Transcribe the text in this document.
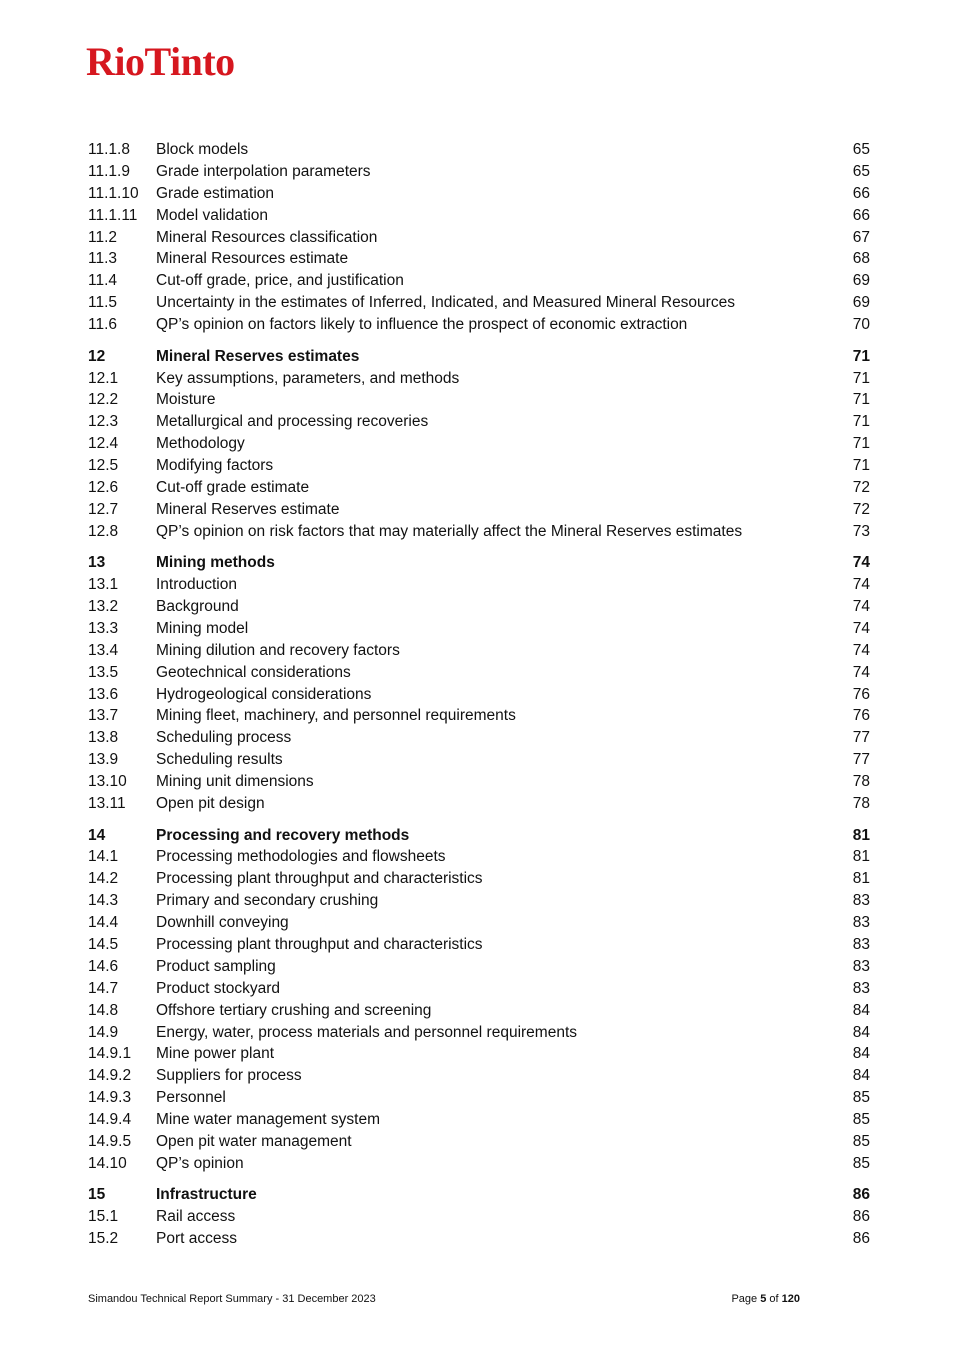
RioTinto
11.1.8	Block models	65
11.1.9	Grade interpolation parameters	65
11.1.10	Grade estimation	66
11.1.11	Model validation	66
11.2	Mineral Resources classification	67
11.3	Mineral Resources estimate	68
11.4	Cut-off grade, price, and justification	69
11.5	Uncertainty in the estimates of Inferred, Indicated, and Measured Mineral Resources	69
11.6	QP’s opinion on factors likely to influence the prospect of economic extraction	70
12	Mineral Reserves estimates	71
12.1	Key assumptions, parameters, and methods	71
12.2	Moisture	71
12.3	Metallurgical and processing recoveries	71
12.4	Methodology	71
12.5	Modifying factors	71
12.6	Cut-off grade estimate	72
12.7	Mineral Reserves estimate	72
12.8	QP’s opinion on risk factors that may materially affect the Mineral Reserves estimates	73
13	Mining methods	74
13.1	Introduction	74
13.2	Background	74
13.3	Mining model	74
13.4	Mining dilution and recovery factors	74
13.5	Geotechnical considerations	74
13.6	Hydrogeological considerations	76
13.7	Mining fleet, machinery, and personnel requirements	76
13.8	Scheduling process	77
13.9	Scheduling results	77
13.10	Mining unit dimensions	78
13.11	Open pit design	78
14	Processing and recovery methods	81
14.1	Processing methodologies and flowsheets	81
14.2	Processing plant throughput and characteristics	81
14.3	Primary and secondary crushing	83
14.4	Downhill conveying	83
14.5	Processing plant throughput and characteristics	83
14.6	Product sampling	83
14.7	Product stockyard	83
14.8	Offshore tertiary crushing and screening	84
14.9	Energy, water, process materials and personnel requirements	84
14.9.1	Mine power plant	84
14.9.2	Suppliers for process	84
14.9.3	Personnel	85
14.9.4	Mine water management system	85
14.9.5	Open pit water management	85
14.10	QP’s opinion	85
15	Infrastructure	86
15.1	Rail access	86
15.2	Port access	86
Simandou Technical Report Summary - 31 December 2023	Page 5 of 120
